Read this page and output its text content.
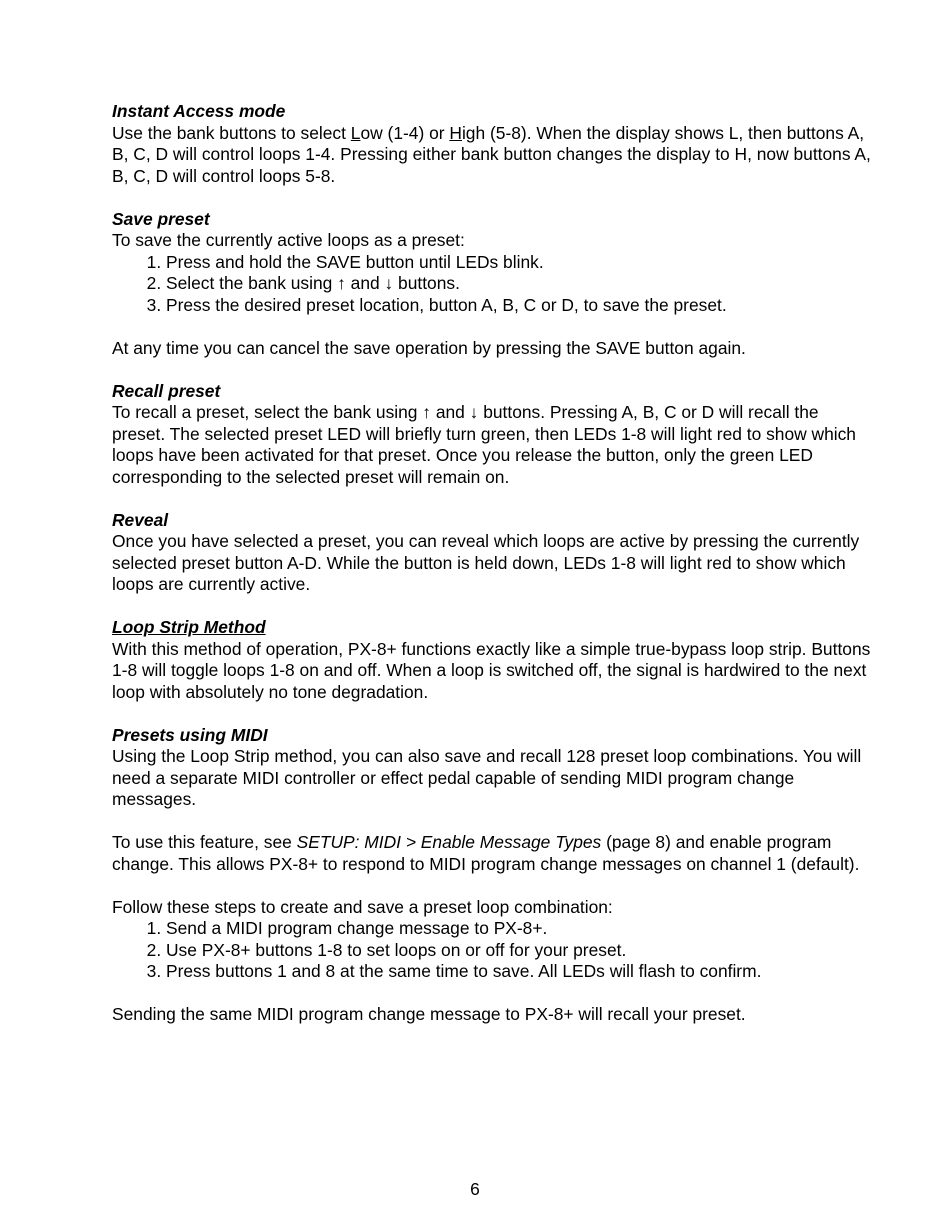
Instant Access mode

Use the bank buttons to select Low (1-4) or High (5-8). When the display shows L, then buttons A, B, C, D will control loops 1-4. Pressing either bank button changes the display to H, now buttons A, B, C, D will control loops 5-8.

Save preset

To save the currently active loops as a preset:

1. Press and hold the SAVE button until LEDs blink.
2. Select the bank using ↑ and ↓ buttons.
3. Press the desired preset location, button A, B, C or D, to save the preset.

At any time you can cancel the save operation by pressing the SAVE button again.

Recall preset

To recall a preset, select the bank using ↑ and ↓ buttons. Pressing A, B, C or D will recall the preset. The selected preset LED will briefly turn green, then LEDs 1-8 will light red to show which loops have been activated for that preset. Once you release the button, only the green LED corresponding to the selected preset will remain on.

Reveal

Once you have selected a preset, you can reveal which loops are active by pressing the currently selected preset button A-D. While the button is held down, LEDs 1-8 will light red to show which loops are currently active.

Loop Strip Method

With this method of operation, PX-8+ functions exactly like a simple true-bypass loop strip. Buttons 1-8 will toggle loops 1-8 on and off. When a loop is switched off, the signal is hardwired to the next loop with absolutely no tone degradation.

Presets using MIDI

Using the Loop Strip method, you can also save and recall 128 preset loop combinations. You will need a separate MIDI controller or effect pedal capable of sending MIDI program change messages.

To use this feature, see SETUP: MIDI > Enable Message Types (page 8) and enable program change. This allows PX-8+ to respond to MIDI program change messages on channel 1 (default).

Follow these steps to create and save a preset loop combination:

1. Send a MIDI program change message to PX-8+.
2. Use PX-8+ buttons 1-8 to set loops on or off for your preset.
3. Press buttons 1 and 8 at the same time to save. All LEDs will flash to confirm.

Sending the same MIDI program change message to PX-8+ will recall your preset.

6
